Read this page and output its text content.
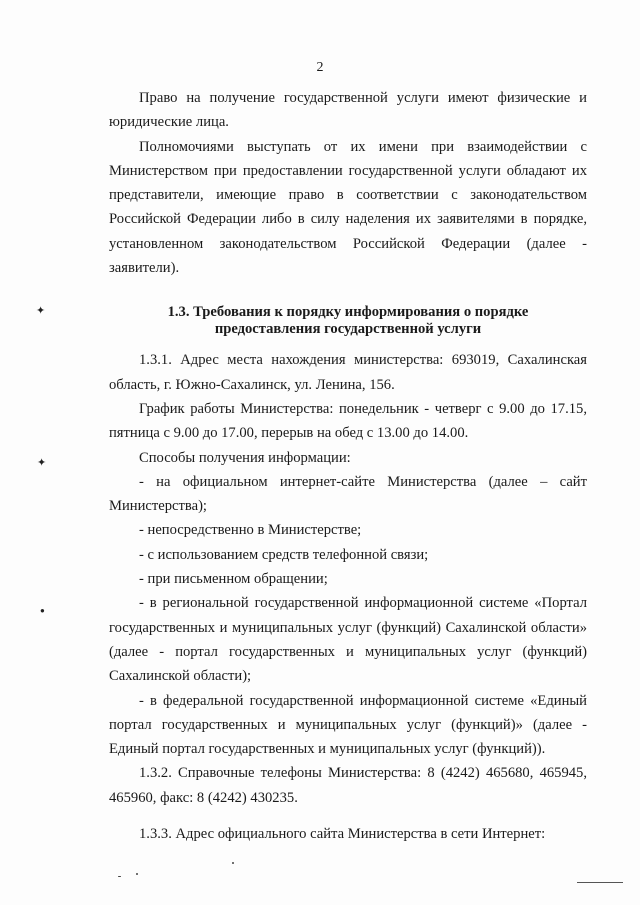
2
✦
✦
●

Право на получение государственной услуги имеют физические и юридические лица.

Полномочиями выступать от их имени при взаимодействии с Министерством при предоставлении государственной услуги обладают их представители, имеющие право в соответствии с законодательством Российской Федерации либо в силу наделения их заявителями в порядке, установленном законодательством Российской Федерации (далее - заявители).

1.3. Требования к порядку информирования о порядке
предоставления государственной услуги

1.3.1. Адрес места нахождения министерства: 693019, Сахалинская область, г. Южно-Сахалинск, ул. Ленина, 156.

График работы Министерства: понедельник - четверг с 9.00 до 17.15, пятница с 9.00 до 17.00, перерыв на обед с 13.00 до 14.00.

Способы получения информации:

- на официальном интернет-сайте Министерства (далее – сайт Министерства);

- непосредственно в Министерстве;

- с использованием средств телефонной связи;

- при письменном обращении;

- в региональной государственной информационной системе «Портал государственных и муниципальных услуг (функций) Сахалинской области» (далее - портал государственных и муниципальных услуг (функций) Сахалинской области);

- в федеральной государственной информационной системе «Единый портал государственных и муниципальных услуг (функций)» (далее - Единый портал государственных и муниципальных услуг (функций)).

1.3.2. Справочные телефоны Министерства: 8 (4242) 465680, 465945, 465960, факс: 8 (4242) 430235.

1.3.3. Адрес официального сайта Министерства в сети Интернет:
